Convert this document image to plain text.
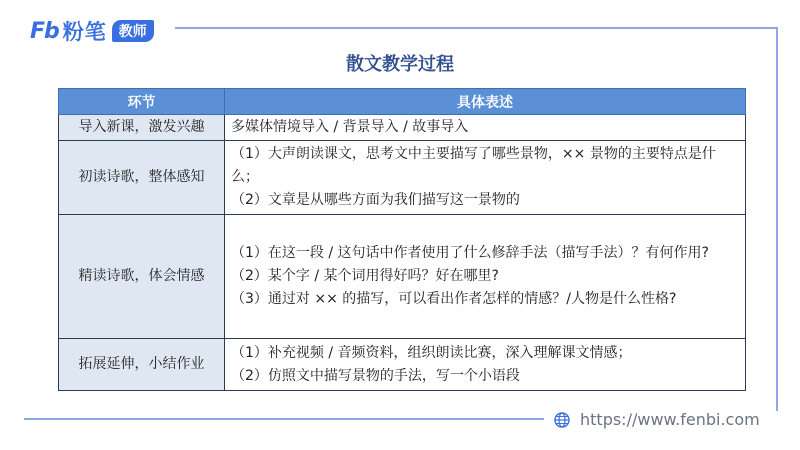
Fb 粉笔 教师
散文教学过程
环节	具体表述
导入新课，激发兴趣	多媒体情境导入 / 背景导入 / 故事导入

初读诗歌，整体感知	（1）大声朗读课文，思考文中主要描写了哪些景物，×× 景物的主要特点是什么；
（2）文章是从哪些方面为我们描写这一景物的

精读诗歌，体会情感	（1）在这一段 / 这句话中作者使用了什么修辞手法（描写手法）？有何作用?
（2）某个字 / 某个词用得好吗？好在哪里?
（3）通过对 ×× 的描写，可以看出作者怎样的情感？/人物是什么性格?

拓展延伸，小结作业	（1）补充视频 / 音频资料，组织朗读比赛，深入理解课文情感；
（2）仿照文中描写景物的手法，写一个小语段
https://www.fenbi.com
